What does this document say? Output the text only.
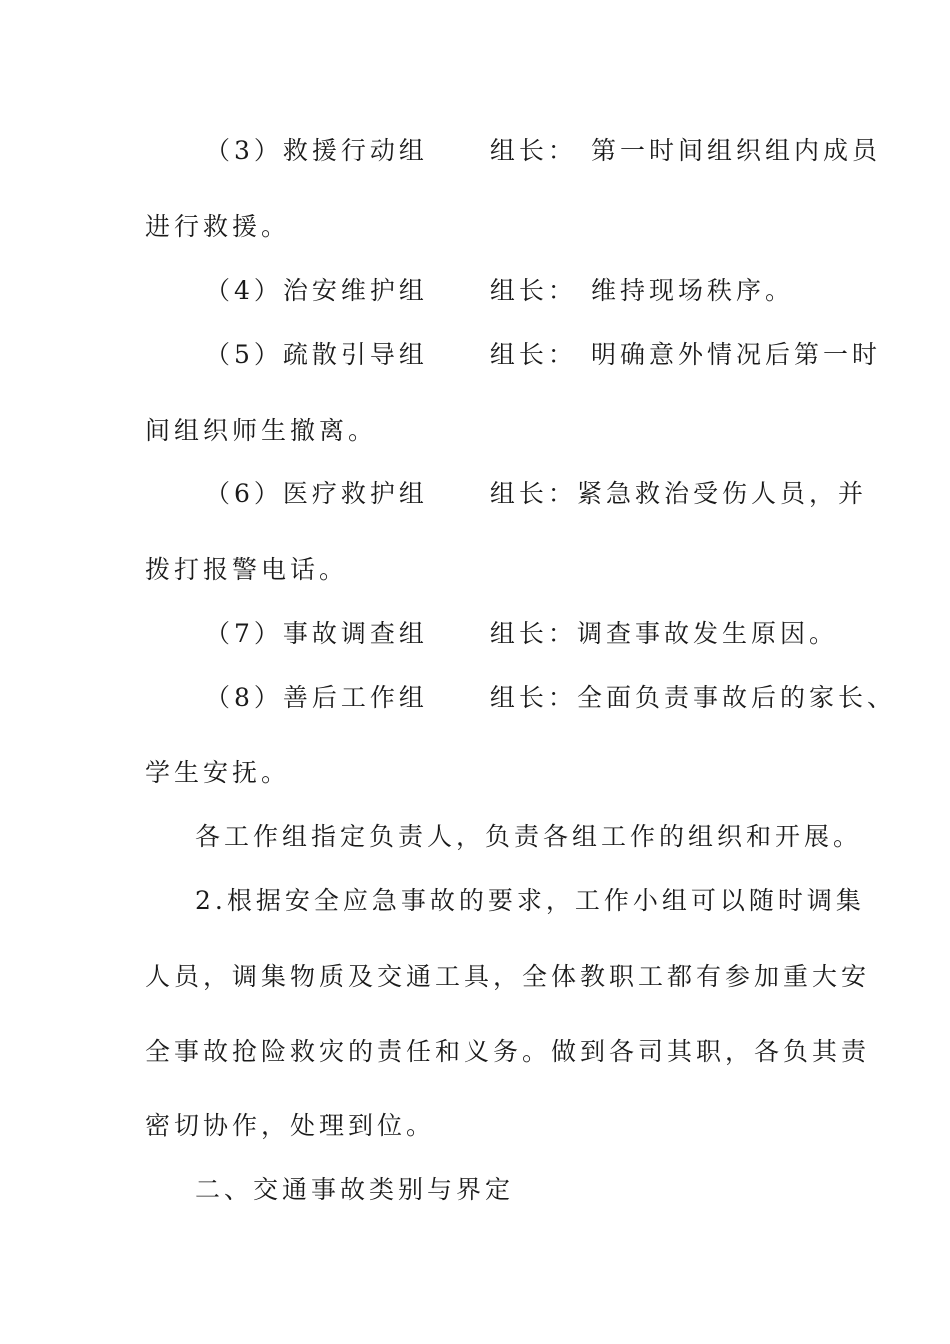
（3）救援行动组 组长： 第一时间组织组内成员
进行救援。
（4）治安维护组 组长： 维持现场秩序。
（5）疏散引导组 组长： 明确意外情况后第一时
间组织师生撤离。
（6）医疗救护组 组长：紧急救治受伤人员，并
拨打报警电话。
（7）事故调查组 组长：调查事故发生原因。
（8）善后工作组 组长：全面负责事故后的家长、
学生安抚。
各工作组指定负责人，负责各组工作的组织和开展。
2.根据安全应急事故的要求，工作小组可以随时调集
人员，调集物质及交通工具，全体教职工都有参加重大安
全事故抢险救灾的责任和义务。做到各司其职，各负其责
密切协作，处理到位。
二、交通事故类别与界定
